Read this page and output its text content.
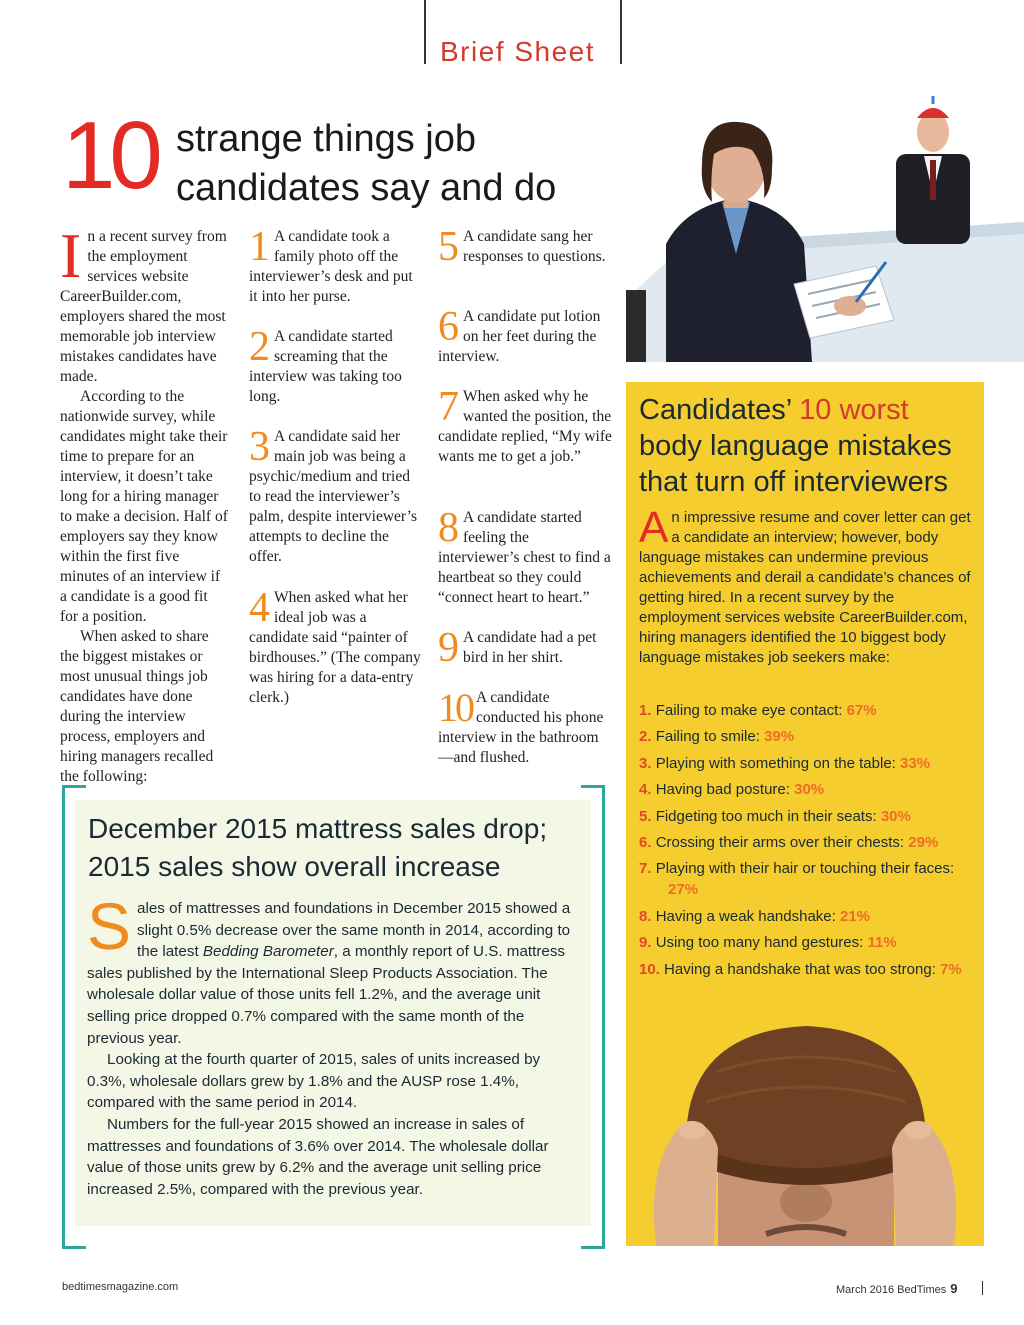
Brief Sheet
10 strange things job
candidates say and do

In a recent survey from the employment services website CareerBuilder.com, employers shared the most memorable job interview mistakes candidates have made.

According to the nationwide survey, while candidates might take their time to prepare for an interview, it doesn’t take long for a hiring manager to make a decision. Half of employers say they know within the first five minutes of an interview if a candidate is a good fit for a position.

When asked to share the biggest mistakes or most unusual things job candidates have done during the interview process, employers and hiring managers recalled the following:

1 A candidate took a family photo off the interviewer’s desk and put it into her purse.
2 A candidate started screaming that the interview was taking too long.
3 A candidate said her main job was being a psychic/medium and tried to read the interviewer’s palm, despite interviewer’s attempts to decline the offer.
4 When asked what her ideal job was a candidate said “painter of birdhouses.” (The company was hiring for a data-entry clerk.)
5 A candidate sang her responses to questions.
6 A candidate put lotion on her feet during the interview.
7 When asked why he wanted the position, the candidate replied, “My wife wants me to get a job.”
8 A candidate started feeling the interviewer’s chest to find a heartbeat so they could “connect heart to heart.”
9 A candidate had a pet bird in her shirt.
10 A candidate conducted his phone interview in the bathroom—and flushed.
Candidates’ 10 worst body language mistakes that turn off interviewers
An impressive resume and cover letter can get a candidate an interview; however, body language mistakes can undermine previous achievements and derail a candidate’s chances of getting hired. In a recent survey by the employment services website CareerBuilder.com, hiring managers identified the 10 biggest body language mistakes job seekers make:
1. Failing to make eye contact: 67%
2. Failing to smile: 39%
3. Playing with something on the table: 33%
4. Having bad posture: 30%
5. Fidgeting too much in their seats: 30%
6. Crossing their arms over their chests: 29%
7. Playing with their hair or touching their faces: 27%
8. Having a weak handshake: 21%
9. Using too many hand gestures: 11%
10. Having a handshake that was too strong: 7%
December 2015 mattress sales drop;
2015 sales show overall increase

Sales of mattresses and foundations in December 2015 showed a slight 0.5% decrease over the same month in 2014, according to the latest Bedding Barometer, a monthly report of U.S. mattress sales published by the International Sleep Products Association. The wholesale dollar value of those units fell 1.2%, and the average unit selling price dropped 0.7% compared with the same month of the previous year.

Looking at the fourth quarter of 2015, sales of units increased by 0.3%, wholesale dollars grew by 1.8% and the AUSP rose 1.4%, compared with the same period in 2014.

Numbers for the full-year 2015 showed an increase in sales of mattresses and foundations of 3.6% over 2014. The wholesale dollar value of those units grew by 6.2% and the average unit selling price increased 2.5%, compared with the previous year.

bedtimesmagazine.com	March 2016 BedTimes 9
